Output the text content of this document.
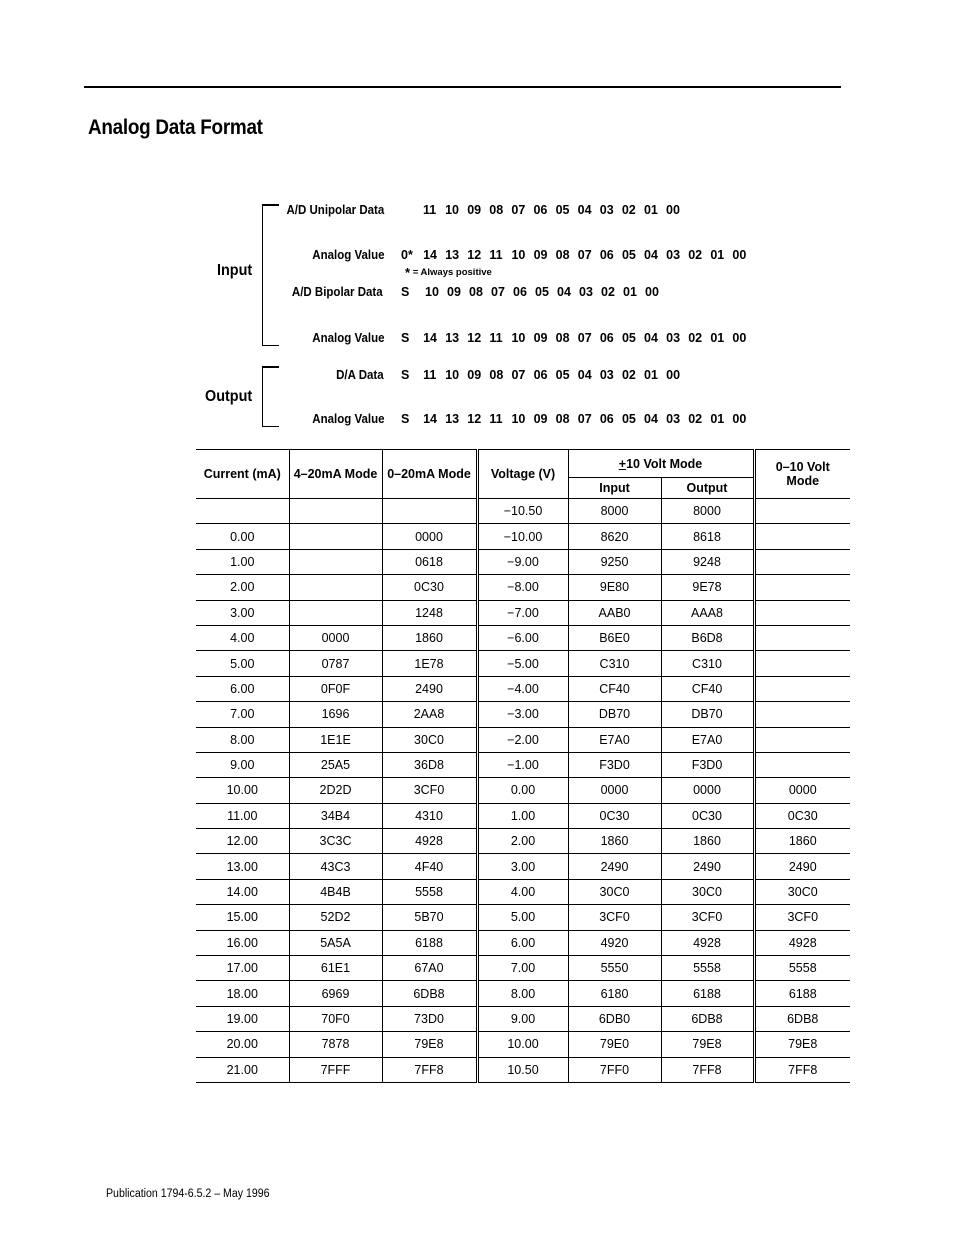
Analog Data Format
Input
Output
A/D Unipolar Data	11 10 09 08 07 06 05 04 03 02 01 00
Analog Value 0* 14 13 12 11 10 09 08 07 06 05 04 03 02 01 00
A/D Bipolar Data S	10 09 08 07 06 05 04 03 02 01 00
Analog Value S 14 13 12 11 10 09 08 07 06 05 04 03 02 01 00
D/A Data S 11 10 09 08 07 06 05 04 03 02 01 00
Analog Value S 14 13 12 11 10 09 08 07 06 05 04 03 02 01 00
* = Always positive
Current (mA)	4–20mA Mode	0–20mA Mode	Voltage (V)	+10 Volt Mode		0–10 Volt Mode
				Input	Output	
			−10.50	8000	8000	
0.00		0000	−10.00	8620	8618	
1.00		0618	−9.00	9250	9248	
2.00		0C30	−8.00	9E80	9E78	
3.00		1248	−7.00	AAB0	AAA8	
4.00	0000	1860	−6.00	B6E0	B6D8	
5.00	0787	1E78	−5.00	C310	C310	
6.00	0F0F	2490	−4.00	CF40	CF40	
7.00	1696	2AA8	−3.00	DB70	DB70	
8.00	1E1E	30C0	−2.00	E7A0	E7A0	
9.00	25A5	36D8	−1.00	F3D0	F3D0	
10.00	2D2D	3CF0	0.00	0000	0000	0000
11.00	34B4	4310	1.00	0C30	0C30	0C30
12.00	3C3C	4928	2.00	1860	1860	1860
13.00	43C3	4F40	3.00	2490	2490	2490
14.00	4B4B	5558	4.00	30C0	30C0	30C0
15.00	52D2	5B70	5.00	3CF0	3CF0	3CF0
16.00	5A5A	6188	6.00	4920	4928	4928
17.00	61E1	67A0	7.00	5550	5558	5558
18.00	6969	6DB8	8.00	6180	6188	6188
19.00	70F0	73D0	9.00	6DB0	6DB8	6DB8
20.00	7878	79E8	10.00	79E0	79E8	79E8
21.00	7FFF	7FF8	10.50	7FF0	7FF8	7FF8
Publication 1794-6.5.2 – May 1996
